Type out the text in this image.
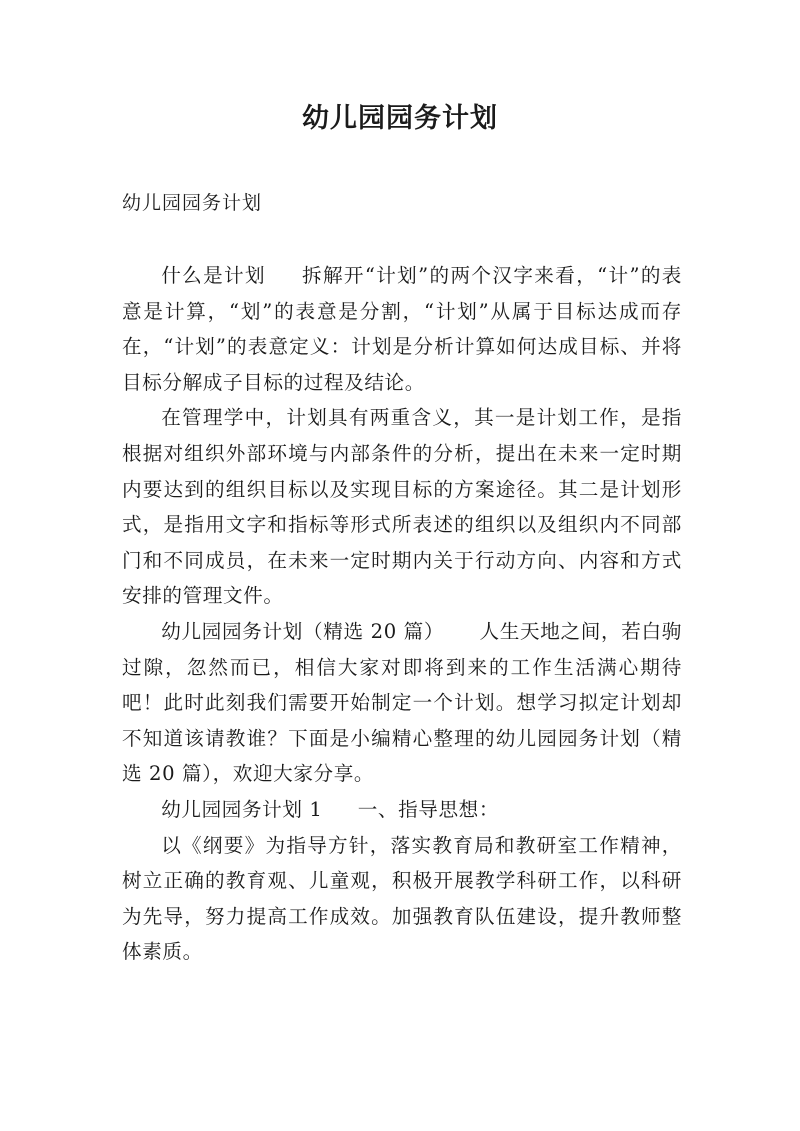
幼儿园园务计划

幼儿园园务计划

什么是计划 拆解开“计划”的两个汉字来看，“计”的表意是计算，“划”的表意是分割，“计划”从属于目标达成而存在，“计划”的表意定义：计划是分析计算如何达成目标、并将目标分解成子目标的过程及结论。

在管理学中，计划具有两重含义，其一是计划工作，是指根据对组织外部环境与内部条件的分析，提出在未来一定时期内要达到的组织目标以及实现目标的方案途径。其二是计划形式，是指用文字和指标等形式所表述的组织以及组织内不同部门和不同成员，在未来一定时期内关于行动方向、内容和方式安排的管理文件。

幼儿园园务计划（精选 20 篇） 人生天地之间，若白驹过隙，忽然而已，相信大家对即将到来的工作生活满心期待吧！此时此刻我们需要开始制定一个计划。想学习拟定计划却不知道该请教谁？下面是小编精心整理的幼儿园园务计划（精选 20 篇），欢迎大家分享。

幼儿园园务计划 1 一、指导思想：

以《纲要》为指导方针，落实教育局和教研室工作精神，树立正确的教育观、儿童观，积极开展教学科研工作，以科研为先导，努力提高工作成效。加强教育队伍建设，提升教师整体素质。
